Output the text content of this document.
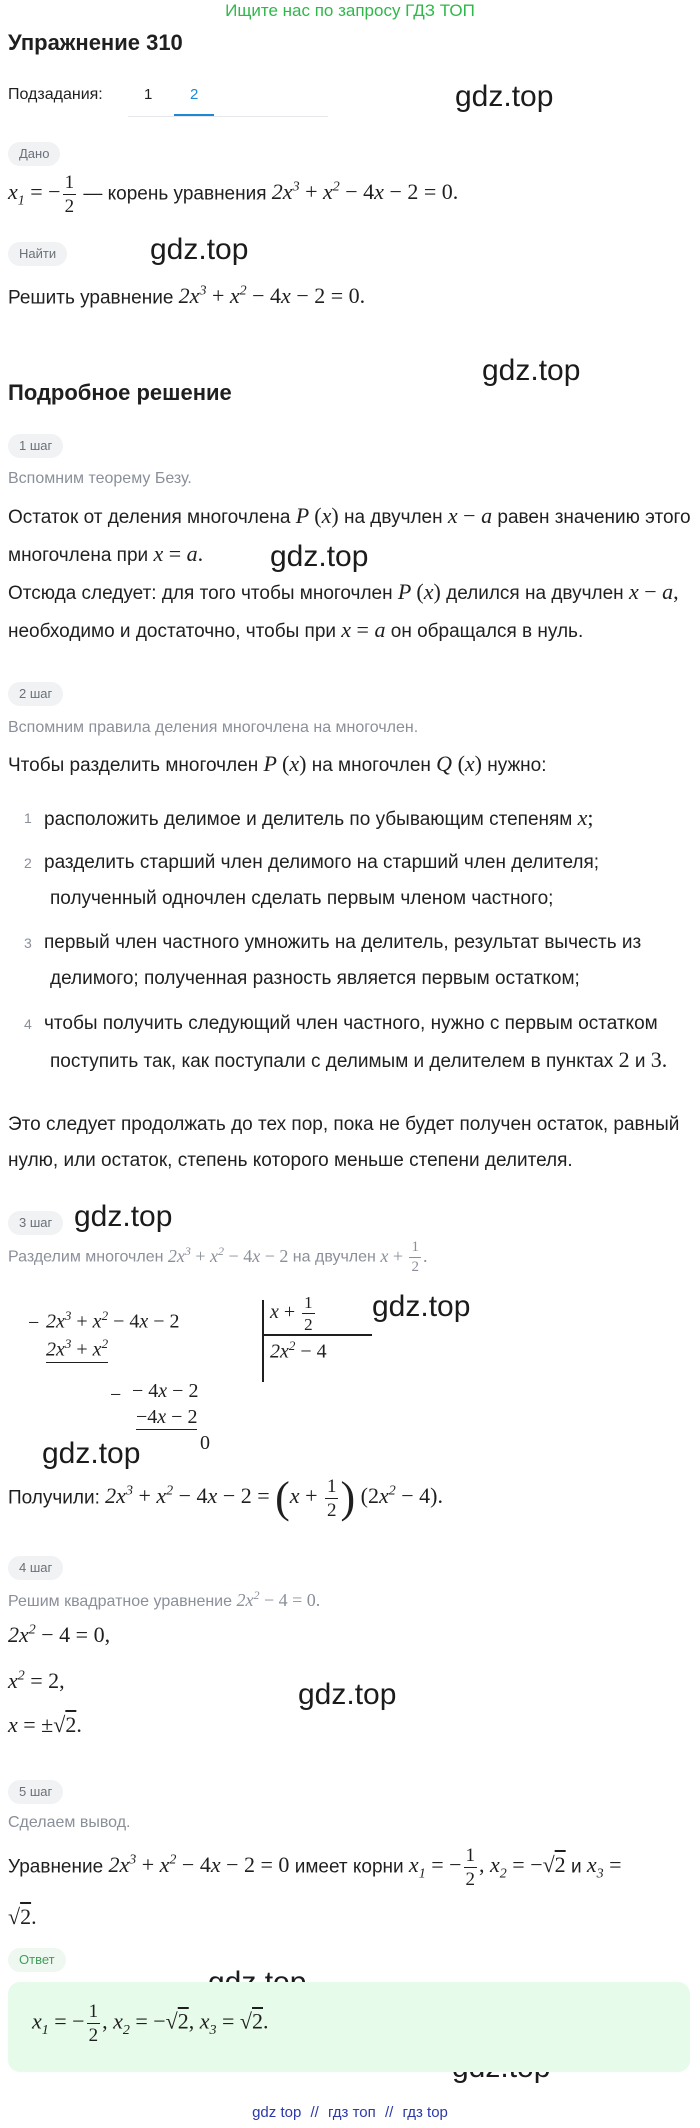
Ищите нас по запросу ГДЗ ТОП
Упражнение 310
Подзадания:	1	2	gdz.top
gdz.top
gdz.top
gdz.top
gdz.top
gdz.top
gdz.top
gdz.top
Дано
$x_1$ = − $\frac{1}{2}$ — корень уравнения $2x^3 + x^2 - 4x - 2 = 0$.
Найти
Решить уравнение $2x^3 + x^2 - 4x - 2 = 0$.
Подробное решение
1 шаг
Вспомним теорему Безу.
Остаток от деления многочлена P (x) на двучлен x − a равен значению этого
многочлена при x = a.
Отсюда следует: для того чтобы многочлен P (x) делился на двучлен x − a,
необходимо и достаточно, чтобы при x = a он обращался в нуль.
2 шаг
Вспомним правила деления многочлена на многочлен.
Чтобы разделить многочлен P (x) на многочлен Q (x) нужно:
1 расположить делимое и делитель по убывающим степеням x;
2 разделить старший член делимого на старший член делителя;
полученный одночлен сделать первым членом частного;
3 первый член частного умножить на делитель, результат вычесть из
делимого; полученная разность является первым остатком;
4 чтобы получить следующий член частного, нужно с первым остатком
поступить так, как поступали с делимым и делителем в пунктах 2 и 3.
Это следует продолжать до тех пор, пока не будет получен остаток, равный
нулю, или остаток, степень которого меньше степени делителя.
3 шаг
Разделим многочлен $2x^3 + x^2 - 4x - 2$ на двучлен $x + \frac{1}{2}$ .
− $2x^3 + x^2 - 4x - 2$
$2x^3 + x^2$
$x + \frac{1}{2}$
$2x^2 - 4$
− − 4x − 2
−4x − 2
0
Получили: $2x^3 + x^2 - 4x - 2 = (x + \frac{1}{2}$ ) $(2x^2 - 4)$.
4 шаг
Решим квадратное уравнение $2x^2 - 4 = 0$.
$2x^2 - 4 = 0$,
$x^2 = 2$,
x = ±√2.
5 шаг
Сделаем вывод.
Уравнение $2x^3 + x^2 - 4x - 2 = 0$ имеет корни $x_1$ = − $\frac{1}{2}$ , $x_2 = -√2$ и $x_3$ =
√2.
Ответ
$x_1$ = − $\frac{1}{2}$ , $x_2 = -√2$, $x_3 = √2$.
gdz top // гдз топ // гдз top
